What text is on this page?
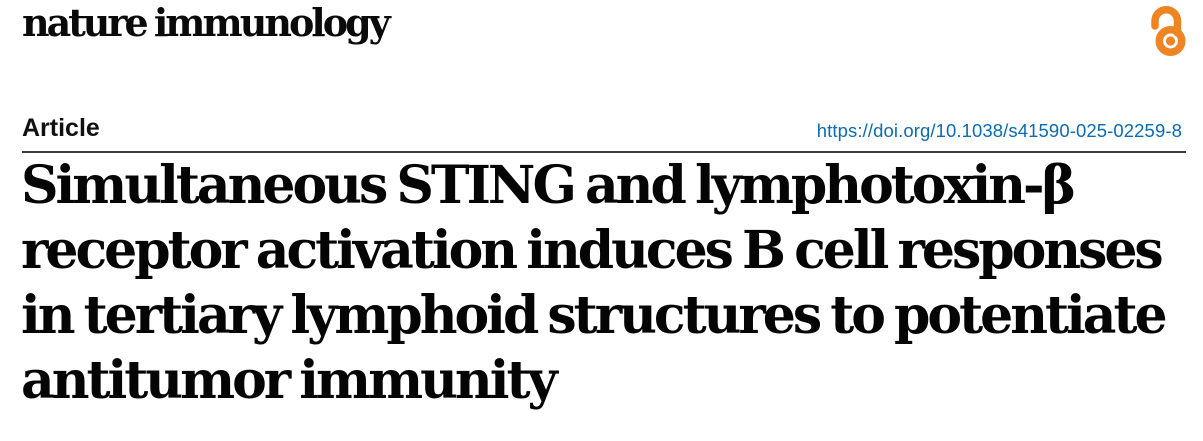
nature immunology
Article	https://doi.org/10.1038/s41590-025-02259-8
Simultaneous STING and lymphotoxin-β
receptor activation induces B cell responses
in tertiary lymphoid structures to potentiate
antitumor immunity
